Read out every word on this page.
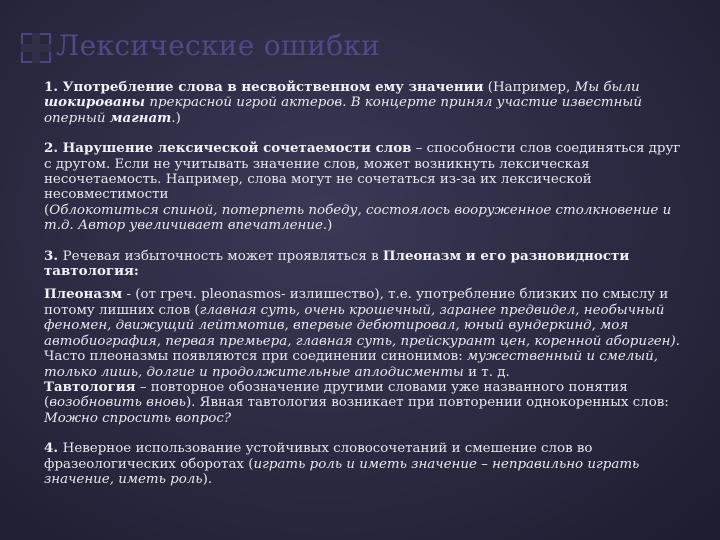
Лексические ошибки

1. Употребление слова в несвойственном ему значении (Например, Мы были шокированы прекрасной игрой актеров. В концерте принял участие известный оперный магнат.)

2. Нарушение лексической сочетаемости слов – способности слов соединяться друг с другом. Если не учитывать значение слов, может возникнуть лексическая несочетаемость. Например, слова могут не сочетаться из-за их лексической несовместимости
(Облокотиться спиной, потерпеть победу, состоялось вооруженное столкновение и т.д. Автор увеличивает впечатление.)

3. Речевая избыточность может проявляться в Плеоназм и его разновидности тавтология:

Плеоназм - (от греч. pleonasmos- излишество), т.е. употребление близких по смыслу и потому лишних слов (главная суть, очень крошечный, заранее предвидел, необычный феномен, движущий лейтмотив, впервые дебютировал, юный вундеркинд, моя автобиография, первая премьера, главная суть, прейскурант цен, коренной абориген). Часто плеоназмы появляются при соединении синонимов: мужественный и смелый, только лишь, долгие и продолжительные аплодисменты и т. д.

Тавтология – повторное обозначение другими словами уже названного понятия (возобновить вновь). Явная тавтология возникает при повторении однокоренных слов: Можно спросить вопрос?

4. Неверное использование устойчивых словосочетаний и смешение слов во фразеологических оборотах (играть роль и иметь значение – неправильно играть значение, иметь роль).
